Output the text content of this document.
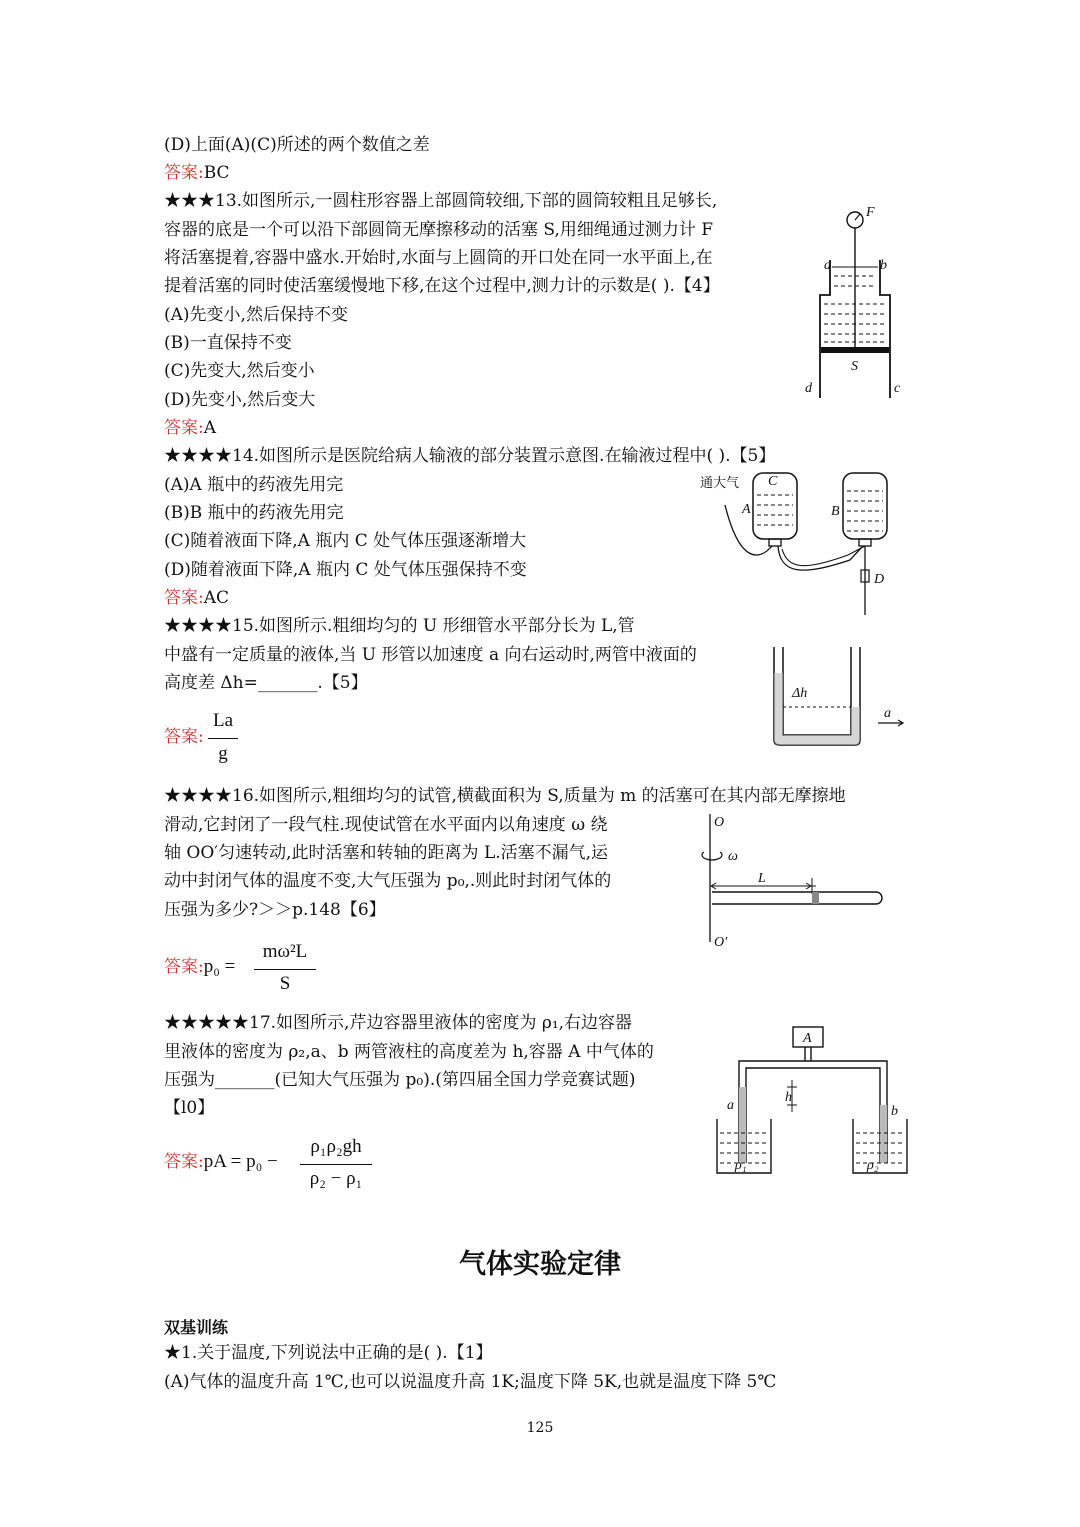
(D)上面(A)(C)所述的两个数值之差
答案:BC
★★★13.如图所示,一圆柱形容器上部圆筒较细,下部的圆筒较粗且足够长,
容器的底是一个可以沿下部圆筒无摩擦移动的活塞 S,用细绳通过测力计 F
将活塞提着,容器中盛水.开始时,水面与上圆筒的开口处在同一水平面上,在
提着活塞的同时使活塞缓慢地下移,在这个过程中,测力计的示数是( ).【4】
(A)先变小,然后保持不变
(B)一直保持不变
(C)先变大,然后变小
(D)先变小,然后变大
答案:A
★★★★14.如图所示是医院给病人输液的部分装置示意图.在输液过程中( ).【5】
(A)A 瓶中的药液先用完
(B)B 瓶中的药液先用完
(C)随着液面下降,A 瓶内 C 处气体压强逐渐增大
(D)随着液面下降,A 瓶内 C 处气体压强保持不变
答案:AC
★★★★15.如图所示.粗细均匀的 U 形细管水平部分长为 L,管
中盛有一定质量的液体,当 U 形管以加速度 a 向右运动时,两管中液面的
高度差 Δh=_______.【5】
答案:
La
g
★★★★16.如图所示,粗细均匀的试管,横截面积为 S,质量为 m 的活塞可在其内部无摩擦地
滑动,它封闭了一段气柱.现使试管在水平面内以角速度 ω 绕
轴 OO′匀速转动,此时活塞和转轴的距离为 L.活塞不漏气,运
动中封闭气体的温度不变,大气压强为 p₀,.则此时封闭气体的
压强为多少?＞＞p.148【6】
答案:p₀ =
mω²L
S
★★★★★17.如图所示,芹边容器里液体的密度为 ρ₁,右边容器
里液体的密度为 ρ₂,a、b 两管液柱的高度差为 h,容器 A 中气体的
压强为_______(已知大气压强为 p₀).(第四届全国力学竞赛试题)
【l0】
答案:pA = p₀ −
ρ₁ρ₂gh
ρ₂ − ρ₁
气体实验定律
双基训练
★1.关于温度,下列说法中正确的是( ).【1】
(A)气体的温度升高 1℃,也可以说温度升高 1K;温度下降 5K,也就是温度下降 5℃
125
F
a	b
S
d	c
通大气 C
A	B
D
Δh
a
O
ω
L
O′
A
h
a	b
ρ₁	ρ₂
